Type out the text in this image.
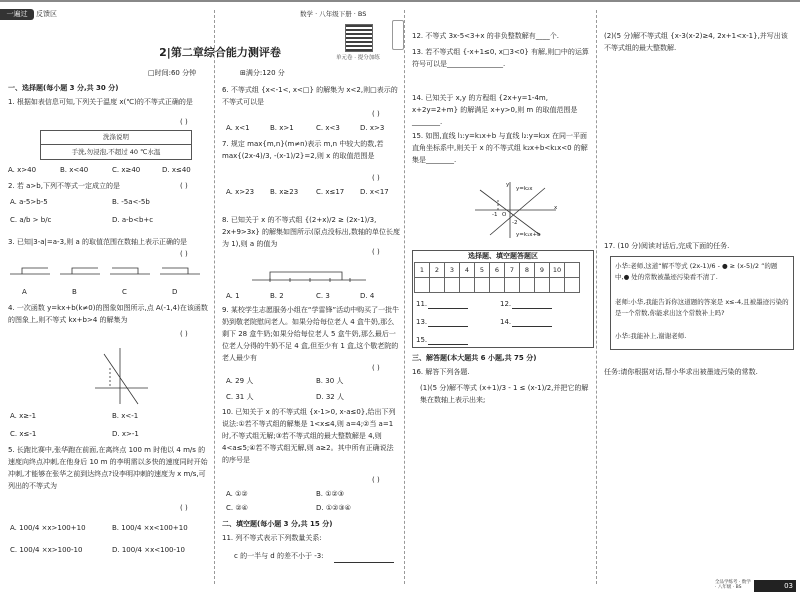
一遍过	反馈区	数学 · 八年级下册 · BS
2|第二章综合能力测评卷	单元卷 · 提分加练
□时间:60 分钟	⊞满分:120 分
一、选择题(每小题 3 分,共 30 分)
1. 根据如表信息可知,下列关于温度 x(℃)的不等式正确的是
( )
洗涤说明
手洗,勿浸泡,不超过 40 ℃水温
A. x>40	B. x<40	C. x≥40	D. x≤40
2. 若 a>b,下列不等式一定成立的是	( )
A. a-5>b-5	B. -5a<-5b
C. a/b > b/c	D. a-b<b+c
3. 已知|3-a|=a-3,则 a 的取值范围在数轴上表示正确的是
( )
A	B	C	D
4. 一次函数 y=kx+b(k≠0)的图象如图所示,点 A(-1,4)在该函数的图象上,则不等式 kx+b>4 的解集为
( )
A. x≥-1	B. x<-1
C. x≤-1	D. x>-1
5. 长跑比赛中,张华跑在前面,在离终点 100 m 时他以 4 m/s 的速度向终点冲刺,在他身后 10 m 的李明需以多快的速度同时开始冲刺,才能够在张华之前到达终点?设李明冲刺的速度为 x m/s,可列出的不等式为
( )
A. 100/4 ×x>100+10	B. 100/4 ×x<100+10
C. 100/4 ×x>100-10	D. 100/4 ×x<100-10
6. 不等式组 {x<-1<, x<□} 的解集为 x<2,则□表示的不等式可以是
( )
A. x<1	B. x>1	C. x<3	D. x>3
7. 规定 max{m,n}(m≠n)表示 m,n 中较大的数,若 max{(2x-4)/3, -(x-1)/2}=2,则 x 的取值范围是
( )
A. x>23 B. x≥23	C. x≤17 D. x<17
8. 已知关于 x 的不等式组 {(2+x)/2 ≥ (2x-1)/3, 2x+9>3x} 的解集如图所示(原点没标出,数轴的单位长度为 1),则 a 的值为
( )
A. 1	B. 2	C. 3	D. 4
9. 某校学生志愿服务小组在“学雷锋”活动中购买了一批牛奶到敬老院慰问老人。如果分给每位老人 4 盒牛奶,那么剩下 28 盒牛奶;如果分给每位老人 5 盒牛奶,那么最后一位老人分得的牛奶不足 4 盒,但至少有 1 盒,这个敬老院的老人最少有
( )
A. 29 人	B. 30 人
C. 31 人	D. 32 人
10. 已知关于 x 的不等式组 {x-1>0, x-a≤0},给出下列说法:①若不等式组的解集是 1<x≤4,则 a=4;②当 a=1 时,不等式组无解;③若不等式组的最大整数解是 4,则 4<a≤5;④若不等式组无解,则 a≥2。其中所有正确说法的序号是
( )
A. ①②	B. ①②③
C. ②④	D. ①②③④
二、填空题(每小题 3 分,共 15 分)
11. 列不等式表示下列数量关系:
c 的一半与 d 的差不小于 -3:
12. 不等式 3x-5<3+x 的非负整数解有____个.
13. 若不等式组 {-x+1≤0, x□3<0} 有解,则□中的运算符号可以是________________.
14. 已知关于 x,y 的方程组 {2x+y=1-4m, x+2y=2+m} 的解满足 x+y>0,则 m 的取值范围是________.
15. 如图,直线 l₁:y=k₁x+b 与直线 l₂:y=k₂x 在同一平面直角坐标系中,则关于 x 的不等式组 k₂x+b<k₁x<0 的解集是________.
y=k₂x
O
-1
x
y
-2
y=k₁x+b
选择题、填空题答题区
1	2	3	4	5	6	7	8	9	10	

11.	12.
13.	14.
15.
三、解答题(本大题共 6 小题,共 75 分)
16. 解答下列各题.
(1)(5 分)解不等式 (x+1)/3 - 1 ≤ (x-1)/2,并把它的解集在数轴上表示出来;
(2)(5 分)解不等式组 {x-3(x-2)≥4, 2x+1<x-1},并写出该不等式组的最大整数解.
17. (10 分)阅读对话后,完成下面的任务.
小华:老师,这道“解不等式 (2x-1)/6 - ● ≥ (x-5)/2 ”的题中,● 处的常数被墨迹污染看不清了.
老师:小华,我能告诉你这道题的答案是 x≤-4,且被墨迹污染的是一个常数,你能求出这个常数补上吗?
小华:我能补上,谢谢老师.
任务:请你根据对话,帮小华求出被墨迹污染的常数.
全品学练考 · 数学 · 八年级 · BS	03
